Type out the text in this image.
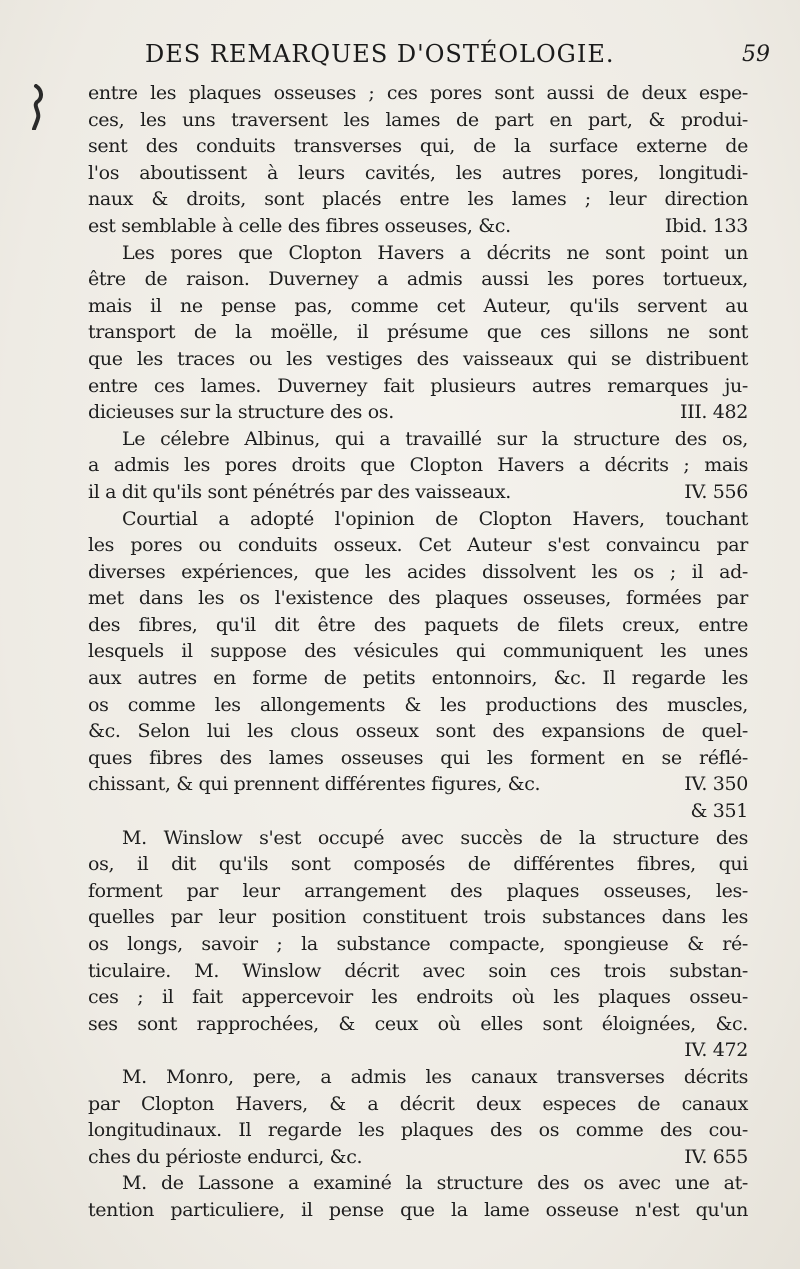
DES REMARQUES D'OSTÉOLOGIE.	59
entre les plaques osseuses ; ces pores sont aussi de deux espe-
ces, les uns traversent les lames de part en part, & produi-
sent des conduits transverses qui, de la surface externe de
l'os aboutissent à leurs cavités, les autres pores, longitudi-
naux & droits, sont placés entre les lames ; leur direction
est semblable à celle des fibres osseuses, &c.	Ibid. 133
Les pores que Clopton Havers a décrits ne sont point un
être de raison. Duverney a admis aussi les pores tortueux,
mais il ne pense pas, comme cet Auteur, qu'ils servent au
transport de la moëlle, il présume que ces sillons ne sont
que les traces ou les vestiges des vaisseaux qui se distribuent
entre ces lames. Duverney fait plusieurs autres remarques ju-
dicieuses sur la structure des os.	III. 482
Le célebre Albinus, qui a travaillé sur la structure des os,
a admis les pores droits que Clopton Havers a décrits ; mais
il a dit qu'ils sont pénétrés par des vaisseaux.	IV. 556
Courtial a adopté l'opinion de Clopton Havers, touchant
les pores ou conduits osseux. Cet Auteur s'est convaincu par
diverses expériences, que les acides dissolvent les os ; il ad-
met dans les os l'existence des plaques osseuses, formées par
des fibres, qu'il dit être des paquets de filets creux, entre
lesquels il suppose des vésicules qui communiquent les unes
aux autres en forme de petits entonnoirs, &c. Il regarde les
os comme les allongements & les productions des muscles,
&c. Selon lui les clous osseux sont des expansions de quel-
ques fibres des lames osseuses qui les forment en se réflé-
chissant, & qui prennent différentes figures, &c.	IV. 350
& 351
M. Winslow s'est occupé avec succès de la structure des
os, il dit qu'ils sont composés de différentes fibres, qui
forment par leur arrangement des plaques osseuses, les-
quelles par leur position constituent trois substances dans les
os longs, savoir ; la substance compacte, spongieuse & ré-
ticulaire. M. Winslow décrit avec soin ces trois substan-
ces ; il fait appercevoir les endroits où les plaques osseu-
ses sont rapprochées, & ceux où elles sont éloignées, &c.
IV. 472
M. Monro, pere, a admis les canaux transverses décrits
par Clopton Havers, & a décrit deux especes de canaux
longitudinaux. Il regarde les plaques des os comme des cou-
ches du périoste endurci, &c.	IV. 655
M. de Lassone a examiné la structure des os avec une at-
tention particuliere, il pense que la lame osseuse n'est qu'un
